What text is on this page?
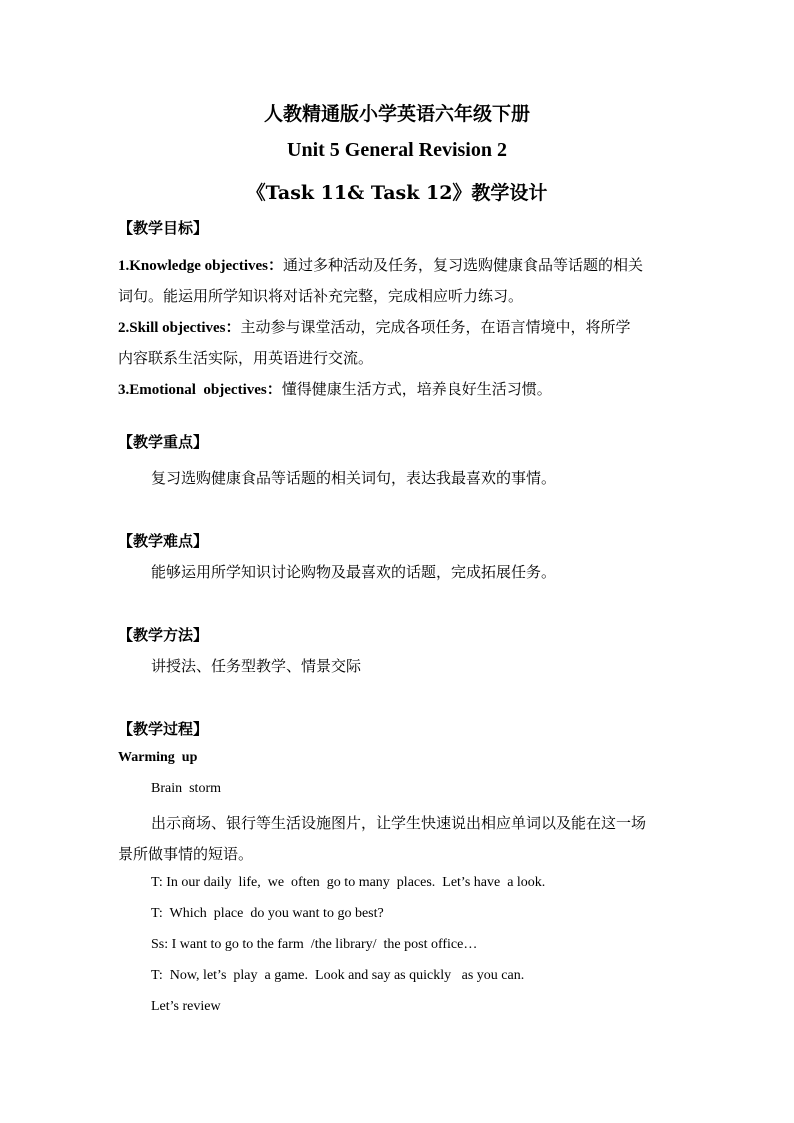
人教精通版小学英语六年级下册
Unit 5 General Revision 2
《Task 11& Task 12》教学设计
【教学目标】
1.Knowledge objectives：通过多种活动及任务，复习选购健康食品等话题的相关
词句。能运用所学知识将对话补充完整，完成相应听力练习。
2.Skill objectives：主动参与课堂活动，完成各项任务，在语言情境中，将所学
内容联系生活实际，用英语进行交流。
3.Emotional  objectives：懂得健康生活方式，培养良好生活习惯。
【教学重点】
复习选购健康食品等话题的相关词句，表达我最喜欢的事情。
【教学难点】
能够运用所学知识讨论购物及最喜欢的话题，完成拓展任务。
【教学方法】
讲授法、任务型教学、情景交际
【教学过程】
Warming  up
Brain  storm
出示商场、银行等生活设施图片，让学生快速说出相应单词以及能在这一场
景所做事情的短语。
T: In our daily  life,  we  often  go to many  places.  Let’s have  a look.
T:  Which  place  do you want to go best?
Ss: I want to go to the farm  /the library/  the post office…
T:  Now, let’s  play  a game.  Look and say as quickly   as you can.
Let’s review
